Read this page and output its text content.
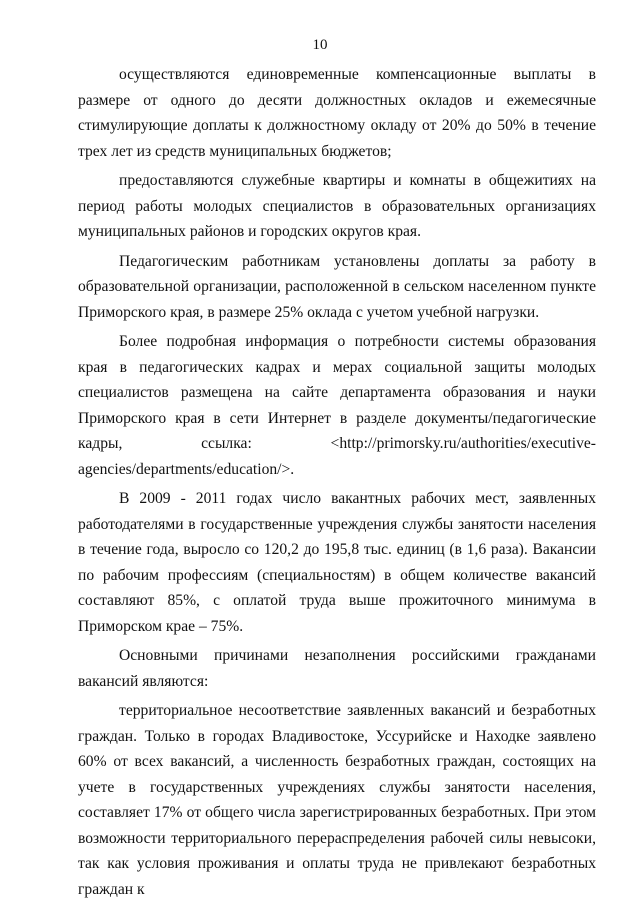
10

осуществляются единовременные компенсационные выплаты в размере от одного до десяти должностных окладов и ежемесячные стимулирующие доплаты к должностному окладу от 20% до 50% в течение трех лет из средств муниципальных бюджетов;

предоставляются служебные квартиры и комнаты в общежитиях на период работы молодых специалистов в образовательных организациях муниципальных районов и городских округов края.

Педагогическим работникам установлены доплаты за работу в образовательной организации, расположенной в сельском населенном пункте Приморского края, в размере 25% оклада с учетом учебной нагрузки.

Более подробная информация о потребности системы образования края в педагогических кадрах и мерах социальной защиты молодых специалистов размещена на сайте департамента образования и науки Приморского края в сети Интернет в разделе документы/педагогические кадры, ссылка: <http://primorsky.ru/authorities/executive-agencies/departments/education/>.

В 2009 - 2011 годах число вакантных рабочих мест, заявленных работодателями в государственные учреждения службы занятости населения в течение года, выросло со 120,2 до 195,8 тыс. единиц (в 1,6 раза). Вакансии по рабочим профессиям (специальностям) в общем количестве вакансий составляют 85%, с оплатой труда выше прожиточного минимума в Приморском крае – 75%.

Основными причинами незаполнения российскими гражданами вакансий являются:

территориальное несоответствие заявленных вакансий и безработных граждан. Только в городах Владивостоке, Уссурийске и Находке заявлено 60% от всех вакансий, а численность безработных граждан, состоящих на учете в государственных учреждениях службы занятости населения, составляет 17% от общего числа зарегистрированных безработных. При этом возможности территориального перераспределения рабочей силы невысоки, так как условия проживания и оплаты труда не привлекают безработных граждан к
